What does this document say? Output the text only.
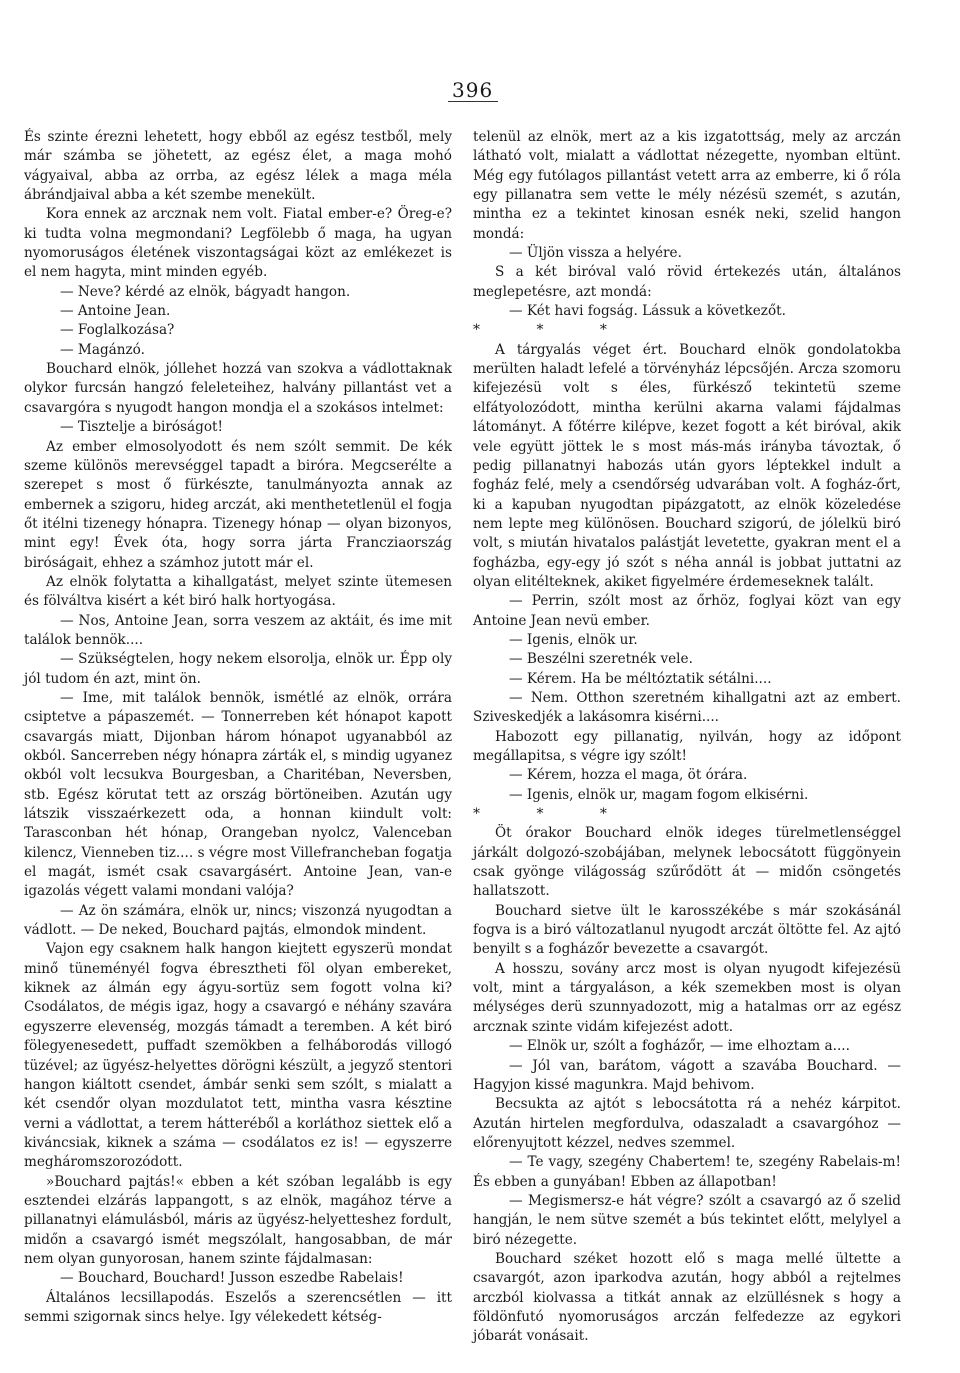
396

És szinte érezni lehetett, hogy ebből az egész testből, mely már számba se jöhetett, az egész élet, a maga mohó vágyaival, abba az orrba, az egész lélek a maga méla ábrándjaival abba a két szembe menekült.

Kora ennek az arcznak nem volt. Fiatal ember-e? Öreg-e? ki tudta volna megmondani? Legfölebb ő maga, ha ugyan nyomoruságos életének viszontagságai közt az emlékezet is el nem hagyta, mint minden egyéb.

— Neve? kérdé az elnök, bágyadt hangon.

— Antoine Jean.

— Foglalkozása?

— Magánzó.

Bouchard elnök, jóllehet hozzá van szokva a vádlottaknak olykor furcsán hangzó feleleteihez, halvány pillantást vet a csavargóra s nyugodt hangon mondja el a szokásos intelmet:

— Tisztelje a biróságot!

Az ember elmosolyodott és nem szólt semmit. De kék szeme különös merevséggel tapadt a biróra. Megcserélte a szerepet s most ő fürkészte, tanulmányozta annak az embernek a szigoru, hideg arczát, aki menthetetlenül el fogja őt itélni tizenegy hónapra. Tizenegy hónap — olyan bizonyos, mint egy! Évek óta, hogy sorra járta Francziaország biróságait, ehhez a számhoz jutott már el.

Az elnök folytatta a kihallgatást, melyet szinte ütemesen és fölváltva kisért a két biró halk hortyogása.

— Nos, Antoine Jean, sorra veszem az aktáit, és ime mit találok bennök....

— Szükségtelen, hogy nekem elsorolja, elnök ur. Épp oly jól tudom én azt, mint ön.

— Ime, mit találok bennök, ismétlé az elnök, orrára csiptetve a pápaszemét. — Tonnerreben két hónapot kapott csavargás miatt, Dijonban három hónapot ugyanabból az okból. Sancerreben négy hónapra zárták el, s mindig ugyanez okból volt lecsukva Bourgesban, a Charitéban, Neversben, stb. Egész körutat tett az ország börtöneiben. Azután ugy látszik visszaérkezett oda, a honnan kiindult volt: Tarasconban hét hónap, Orangeban nyolcz, Valenceban kilencz, Vienneben tiz.... s végre most Villefrancheban fogatja el magát, ismét csak csavargásért. Antoine Jean, van-e igazolás végett valami mondani valója?

— Az ön számára, elnök ur, nincs; viszonzá nyugodtan a vádlott. — De neked, Bouchard pajtás, elmondok mindent.

Vajon egy csaknem halk hangon kiejtett egyszerü mondat minő tüneményél fogva ébresztheti föl olyan embereket, kiknek az álmán egy ágyu-sortüz sem fogott volna ki? Csodálatos, de mégis igaz, hogy a csavargó e néhány szavára egyszerre elevenség, mozgás támadt a teremben. A két biró fölegyenesedett, puffadt szemökben a felháborodás villogó tüzével; az ügyész-helyettes dörögni készült, a jegyző stentori hangon kiáltott csendet, ámbár senki sem szólt, s mialatt a két csendőr olyan mozdulatot tett, mintha vasra késztine verni a vádlottat, a terem hátteréből a korláthoz siettek elő a kiváncsiak, kiknek a száma — csodálatos ez is! — egyszerre megháromszorozódott.

»Bouchard pajtás!« ebben a két szóban legalább is egy esztendei elzárás lappangott, s az elnök, magához térve a pillanatnyi elámulásból, máris az ügyész-helyetteshez fordult, midőn a csavargó ismét megszólalt, hangosabban, de már nem olyan gunyorosan, hanem szinte fájdalmasan:

— Bouchard, Bouchard! Jusson eszedbe Rabelais!

Általános lecsillapodás. Eszelős a szerencsétlen — itt semmi szigornak sincs helye. Igy vélekedett kétség-

telenül az elnök, mert az a kis izgatottság, mely az arczán látható volt, mialatt a vádlottat nézegette, nyomban eltünt. Még egy futólagos pillantást vetett arra az emberre, ki ő róla egy pillanatra sem vette le mély nézésü szemét, s azután, mintha ez a tekintet kinosan esnék neki, szelid hangon mondá:

— Üljön vissza a helyére.

S a két biróval való rövid értekezés után, általános meglepetésre, azt mondá:

— Két havi fogság. Lássuk a következőt.

* * *

A tárgyalás véget ért. Bouchard elnök gondolatokba merülten haladt lefelé a törvényház lépcsőjén. Arcza szomoru kifejezésü volt s éles, fürkésző tekintetü szeme elfátyolozódott, mintha kerülni akarna valami fájdalmas látományt. A főtérre kilépve, kezet fogott a két biróval, akik vele együtt jöttek le s most más-más irányba távoztak, ő pedig pillanatnyi habozás után gyors léptekkel indult a fogház felé, mely a csendőrség udvarában volt. A fogház-őrt, ki a kapuban nyugodtan pipázgatott, az elnök közeledése nem lepte meg különösen. Bouchard szigorú, de jólelkü biró volt, s miután hivatalos palástját levetette, gyakran ment el a fogházba, egy-egy jó szót s néha annál is jobbat juttatni az olyan elitélteknek, akiket figyelmére érdemeseknek talált.

— Perrin, szólt most az őrhöz, foglyai közt van egy Antoine Jean nevü ember.

— Igenis, elnök ur.

— Beszélni szeretnék vele.

— Kérem. Ha be méltóztatik sétálni....

— Nem. Otthon szeretném kihallgatni azt az embert. Sziveskedjék a lakásomra kisérni....

Habozott egy pillanatig, nyilván, hogy az időpont megállapitsa, s végre igy szólt!

— Kérem, hozza el maga, öt órára.

— Igenis, elnök ur, magam fogom elkisérni.

* * *

Öt órakor Bouchard elnök ideges türelmetlenséggel járkált dolgozó-szobájában, melynek lebocsátott függönyein csak gyönge világosság szűrődött át — midőn csöngetés hallatszott.

Bouchard sietve ült le karosszékébe s már szokásánál fogva is a biró változatlanul nyugodt arczát öltötte fel. Az ajtó benyilt s a fogházőr bevezette a csavargót.

A hosszu, sovány arcz most is olyan nyugodt kifejezésü volt, mint a tárgyaláson, a kék szemekben most is olyan mélységes derü szunnyadozott, mig a hatalmas orr az egész arcznak szinte vidám kifejezést adott.

— Elnök ur, szólt a fogházőr, — ime elhoztam a....

— Jól van, barátom, vágott a szavába Bouchard. — Hagyjon kissé magunkra. Majd behivom.

Becsukta az ajtót s lebocsátotta rá a nehéz kárpitot. Azután hirtelen megfordulva, odaszaladt a csavargóhoz — előrenyujtott kézzel, nedves szemmel.

— Te vagy, szegény Chabertem! te, szegény Rabelais-m! És ebben a gunyában! Ebben az állapotban!

— Megismersz-e hát végre? szólt a csavargó az ő szelid hangján, le nem sütve szemét a bús tekintet előtt, melylyel a biró nézegette.

Bouchard széket hozott elő s maga mellé ültette a csavargót, azon iparkodva azután, hogy abból a rejtelmes arczból kiolvassa a titkát annak az elzüllésnek s hogy a földönfutó nyomoruságos arczán felfedezze az egykori jóbarát vonásait.
